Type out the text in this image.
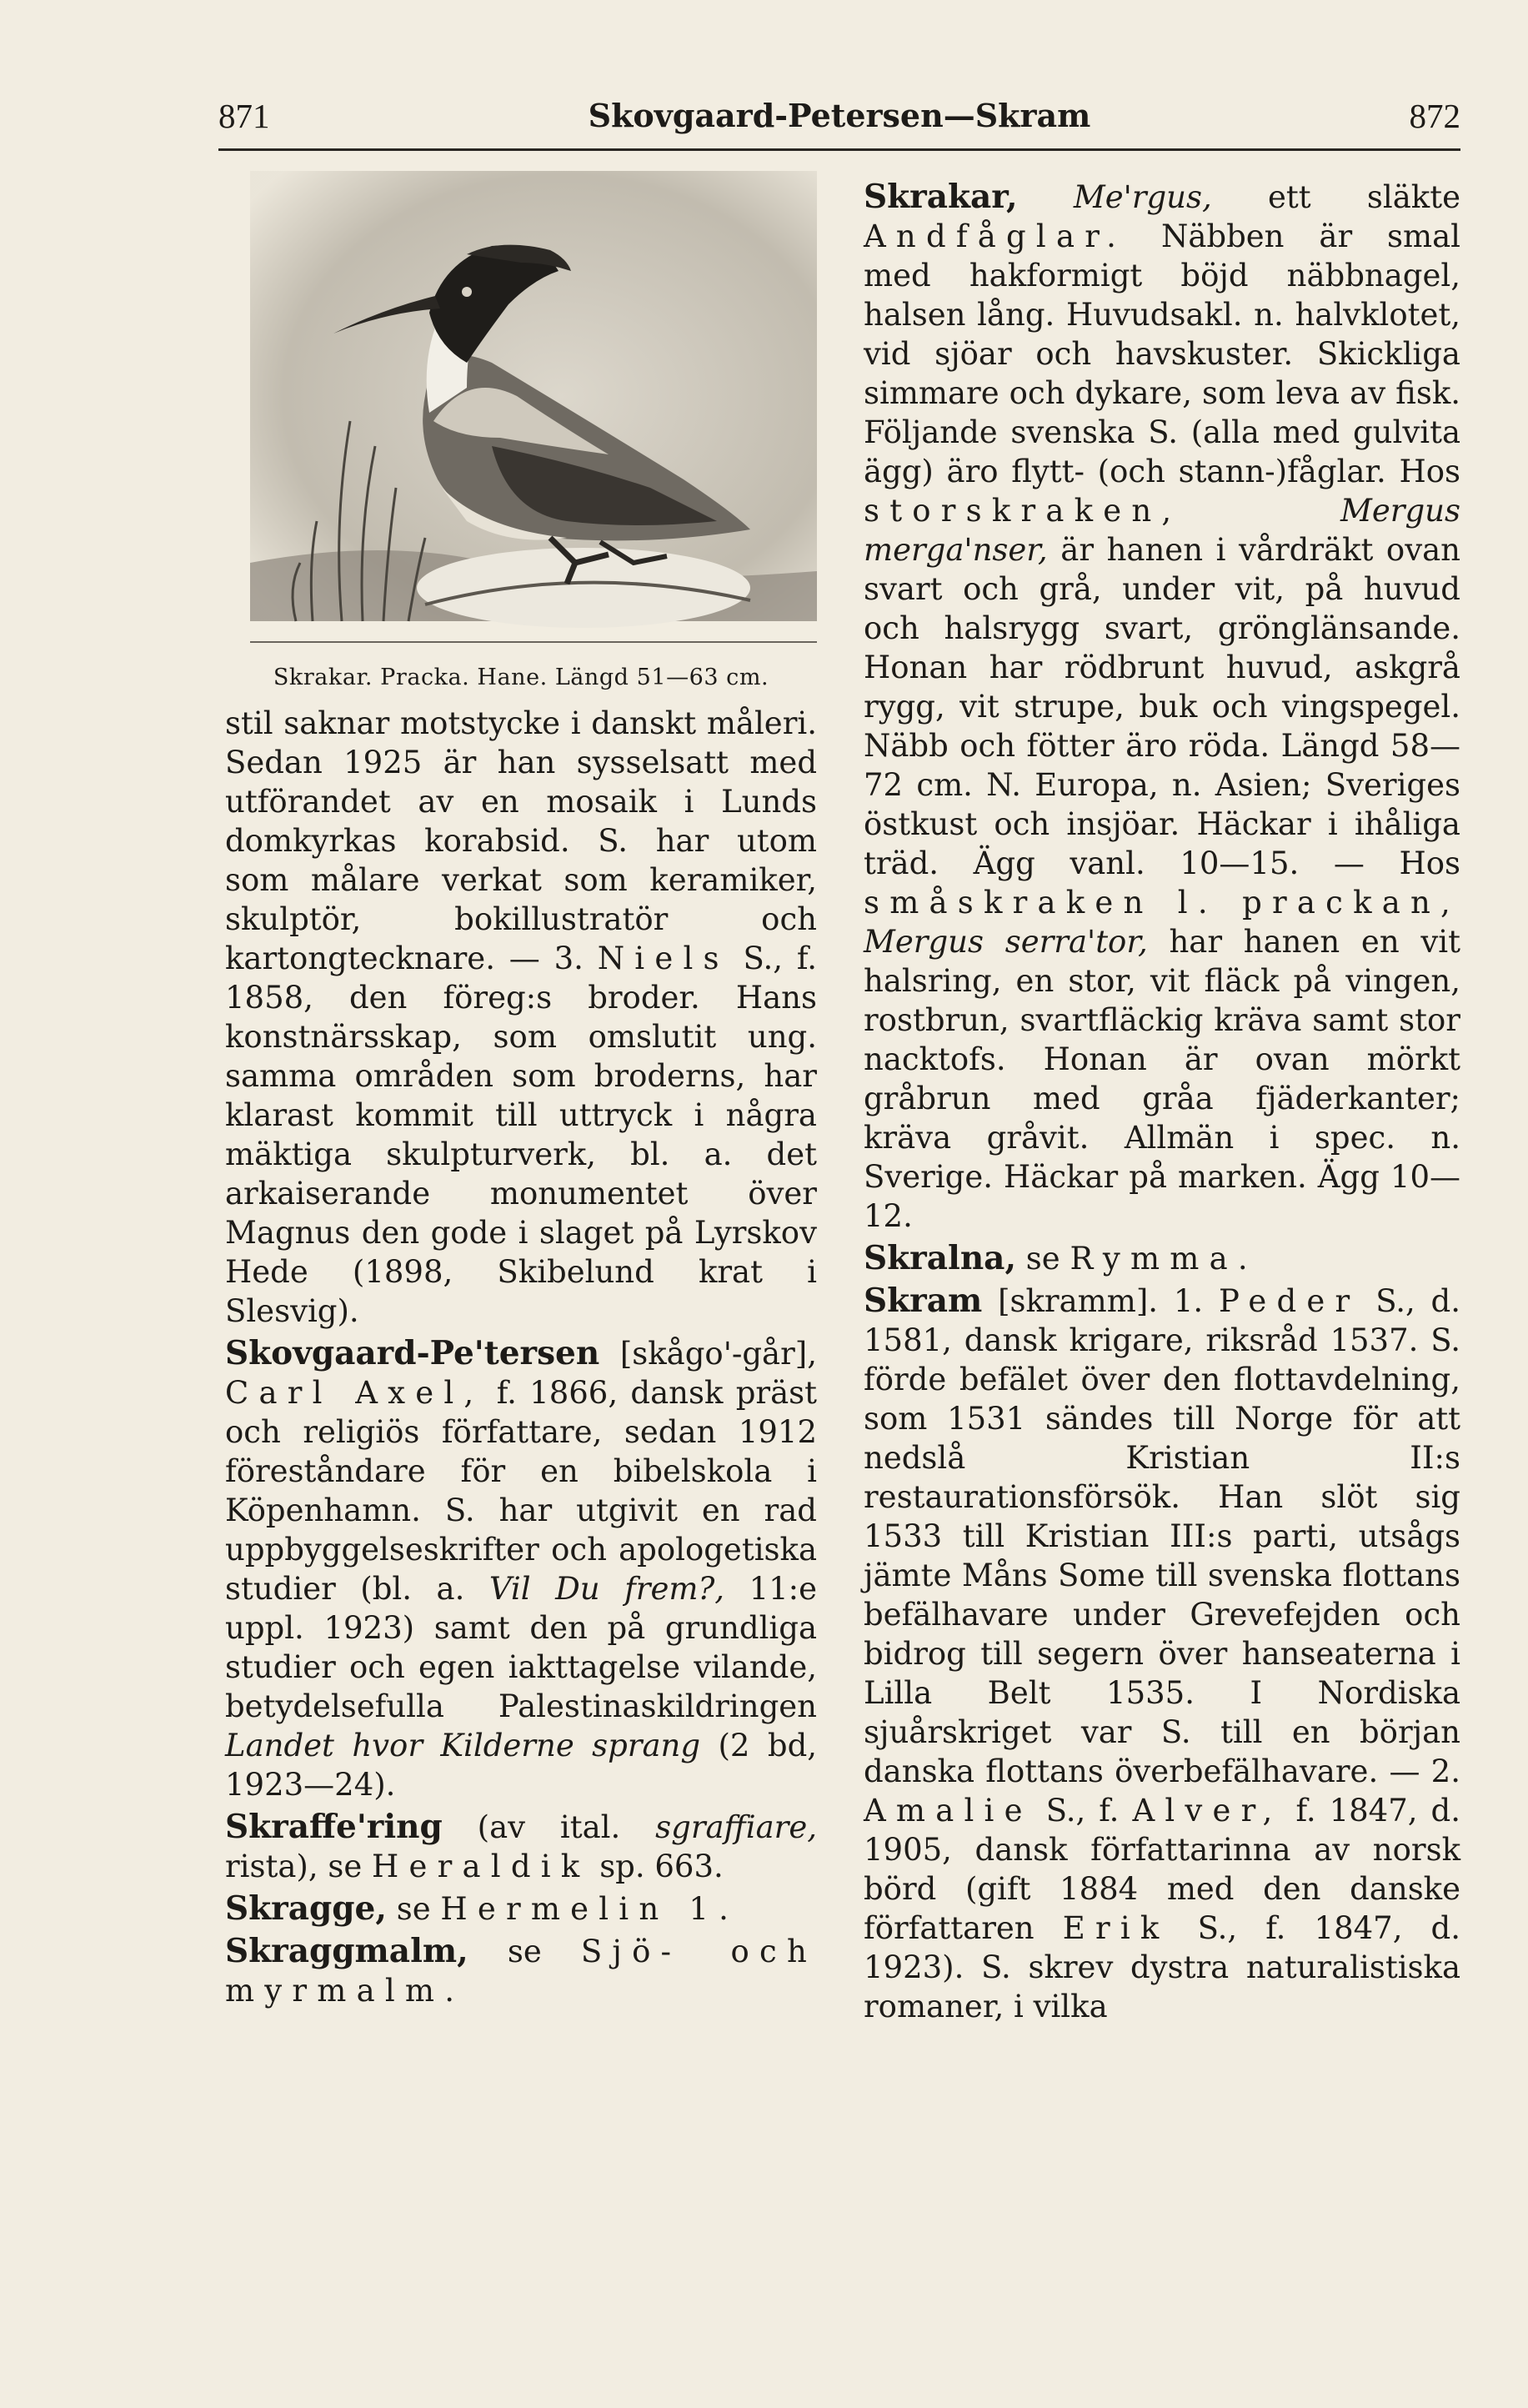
871	Skovgaard-Petersen—Skram	872
Skrakar. Pracka. Hane. Längd 51—63 cm.

stil saknar motstycke i danskt måleri. Sedan 1925 är han sysselsatt med utförandet av en mosaik i Lunds domkyrkas korabsid. S. har utom som målare verkat som keramiker, skulptör, bokillustratör och kartongtecknare. — 3. Niels S., f. 1858, den föreg:s broder. Hans konstnärsskap, som omslutit ung. samma områden som broderns, har klarast kommit till uttryck i några mäktiga skulpturverk, bl. a. det arkaiserande monumentet över Magnus den gode i slaget på Lyrskov Hede (1898, Skibelund krat i Slesvig).

Skovgaard-Pe'tersen [skågo'-går], Carl Axel, f. 1866, dansk präst och religiös författare, sedan 1912 föreståndare för en bibelskola i Köpenhamn. S. har utgivit en rad uppbyggelseskrifter och apologetiska studier (bl. a. Vil Du frem?, 11:e uppl. 1923) samt den på grundliga studier och egen iakttagelse vilande, betydelsefulla Palestinaskildringen Landet hvor Kilderne sprang (2 bd, 1923—24).

Skraffe'ring (av ital. sgraffiare, rista), se Heraldik sp. 663.

Skragge, se Hermelin 1.

Skraggmalm, se Sjö- och myrmalm.

Skrakar, Me'rgus, ett släkte Andfåglar. Näbben är smal med hakformigt böjd näbbnagel, halsen lång. Huvudsakl. n. halvklotet, vid sjöar och havskuster. Skickliga simmare och dykare, som leva av fisk. Följande svenska S. (alla med gulvita ägg) äro flytt- (och stann-)fåglar. Hos storskraken,	Mergus merga'nser, är hanen i vårdräkt ovan svart och grå, under vit, på huvud och halsrygg svart, grönglänsande. Honan har rödbrunt huvud, askgrå rygg, vit strupe, buk och vingspegel. Näbb och fötter äro röda. Längd 58—72 cm. N. Europa, n. Asien; Sveriges östkust och insjöar. Häckar i ihåliga träd. Ägg vanl. 10—15. — Hos småskraken l. prackan, Mergus serra'tor, har hanen en vit halsring, en stor, vit fläck på vingen, rostbrun, svartfläckig kräva samt stor nacktofs. Honan är ovan mörkt gråbrun med gråa fjäderkanter; kräva gråvit. Allmän i spec. n. Sverige. Häckar på marken. Ägg 10—12.

Skralna, se Rymma.

Skram [skramm]. 1. Peder S., d. 1581, dansk krigare, riksråd 1537. S. förde befälet över den flottavdelning, som 1531 sändes till Norge för att nedslå Kristian II:s restaurationsförsök. Han slöt sig 1533 till Kristian III:s parti, utsågs jämte Måns Some till svenska flottans befälhavare under Grevefejden och bidrog till segern över hanseaterna i Lilla Belt 1535. I Nordiska sjuårskriget var S. till en början danska flottans överbefälhavare. — 2. Amalie S., f. Alver, f. 1847, d. 1905, dansk författarinna av norsk börd (gift 1884 med den danske författaren Erik S., f. 1847, d. 1923). S. skrev dystra naturalistiska romaner, i vilka
